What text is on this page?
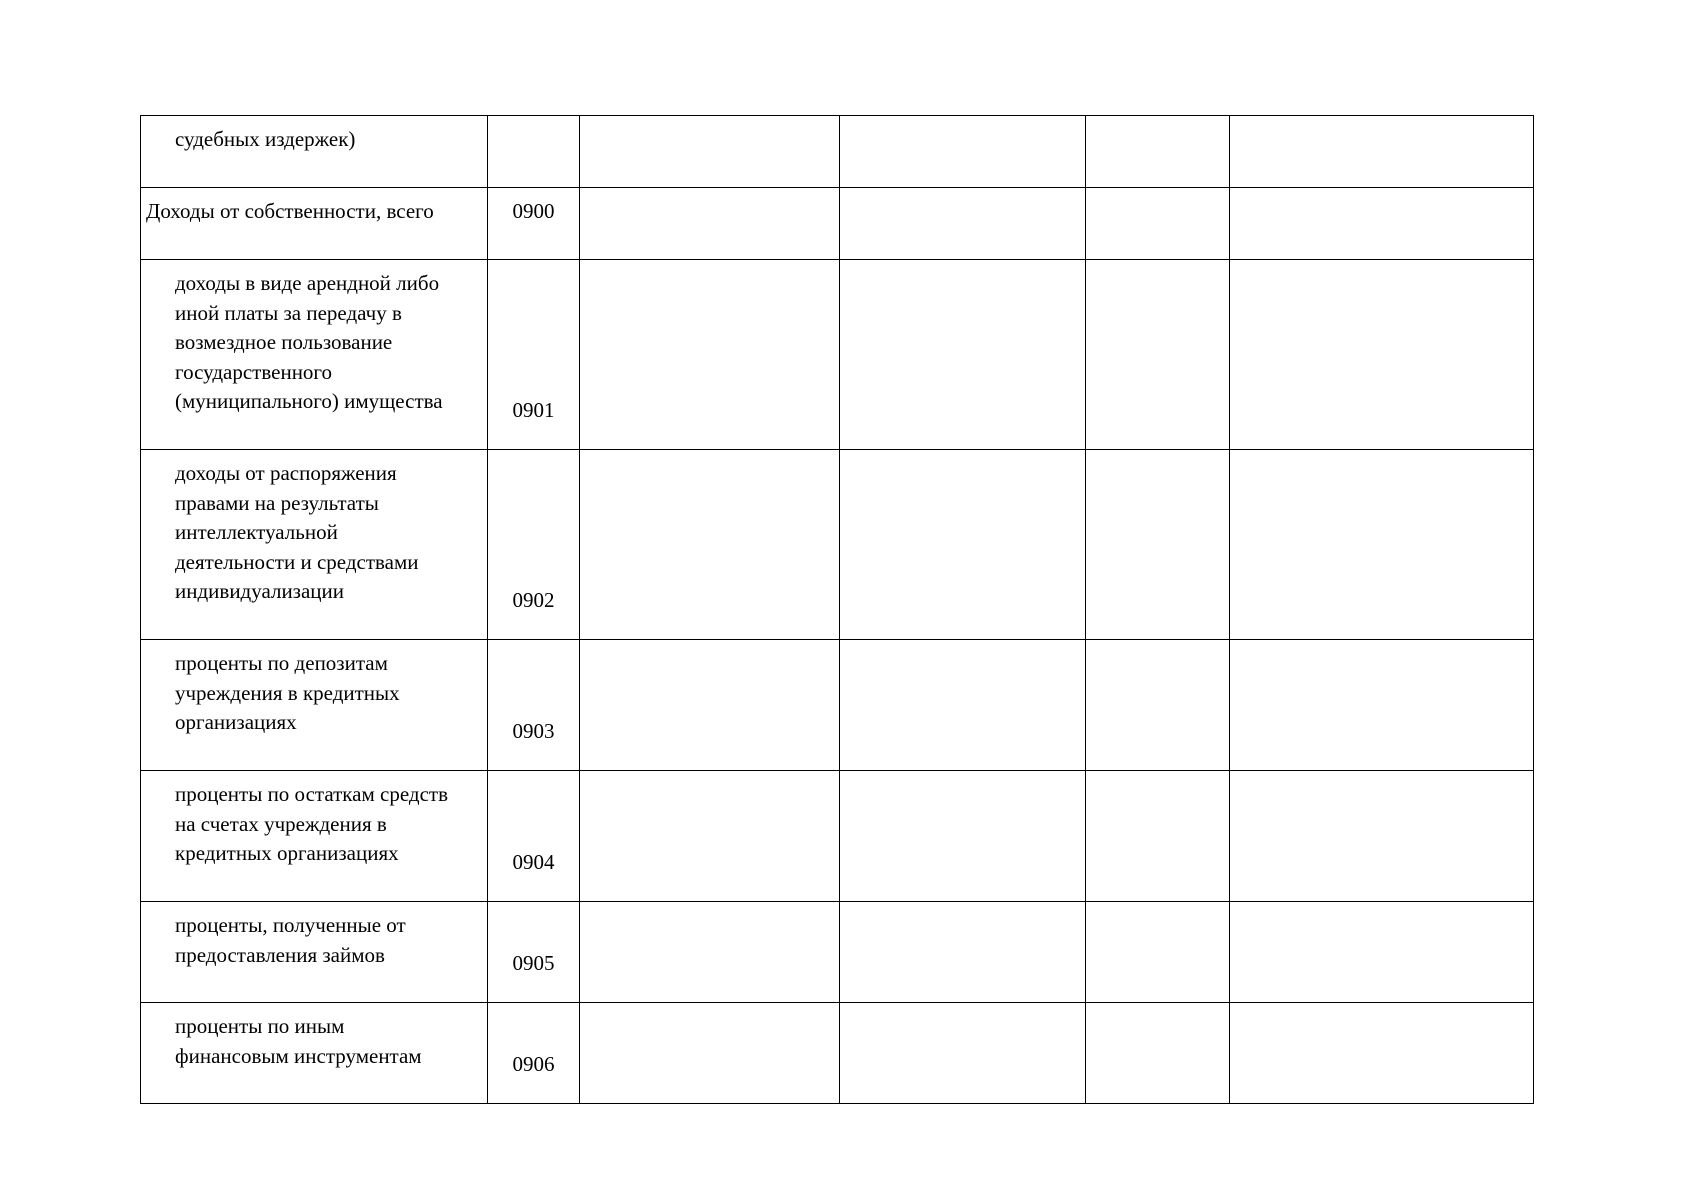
судебных издержек)					

Доходы от собственности, всего	0900				

доходы в виде арендной либо
иной платы за передачу в
возмездное пользование
государственного
(муниципального) имущества	0901				

доходы от распоряжения
правами на результаты
интеллектуальной
деятельности и средствами
индивидуализации	0902				

проценты по депозитам
учреждения в кредитных
организациях	0903				

проценты по остаткам средств
на счетах учреждения в
кредитных организациях	0904				

проценты, полученные от
предоставления займов	0905				

проценты по иным
финансовым инструментам	0906				
